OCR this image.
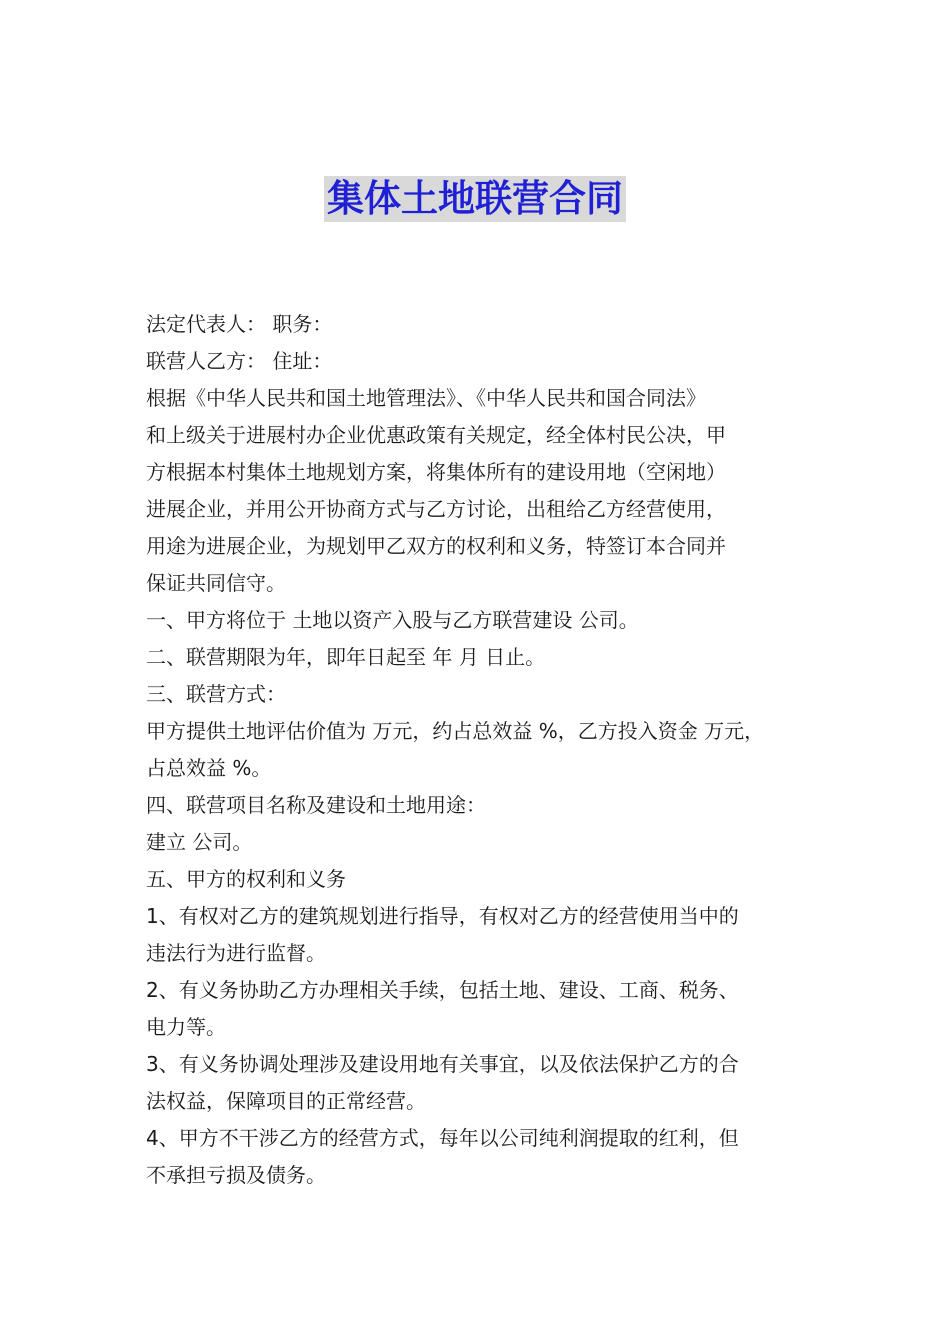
集体土地联营合同
法定代表人： 职务：
联营人乙方： 住址：
根据《中华人民共和国土地管理法》、《中华人民共和国合同法》
和上级关于进展村办企业优惠政策有关规定，经全体村民公决，甲
方根据本村集体土地规划方案，将集体所有的建设用地（空闲地）
进展企业，并用公开协商方式与乙方讨论，出租给乙方经营使用，
用途为进展企业，为规划甲乙双方的权利和义务，特签订本合同并
保证共同信守。
一、甲方将位于 土地以资产入股与乙方联营建设 公司。
二、联营期限为年，即年日起至 年 月 日止。
三、联营方式：
甲方提供土地评估价值为 万元，约占总效益 %，乙方投入资金 万元，
占总效益 %。
四、联营项目名称及建设和土地用途：
建立 公司。
五、甲方的权利和义务
1、有权对乙方的建筑规划进行指导，有权对乙方的经营使用当中的
违法行为进行监督。
2、有义务协助乙方办理相关手续，包括土地、建设、工商、税务、
电力等。
3、有义务协调处理涉及建设用地有关事宜，以及依法保护乙方的合
法权益，保障项目的正常经营。
4、甲方不干涉乙方的经营方式，每年以公司纯利润提取的红利，但
不承担亏损及债务。
